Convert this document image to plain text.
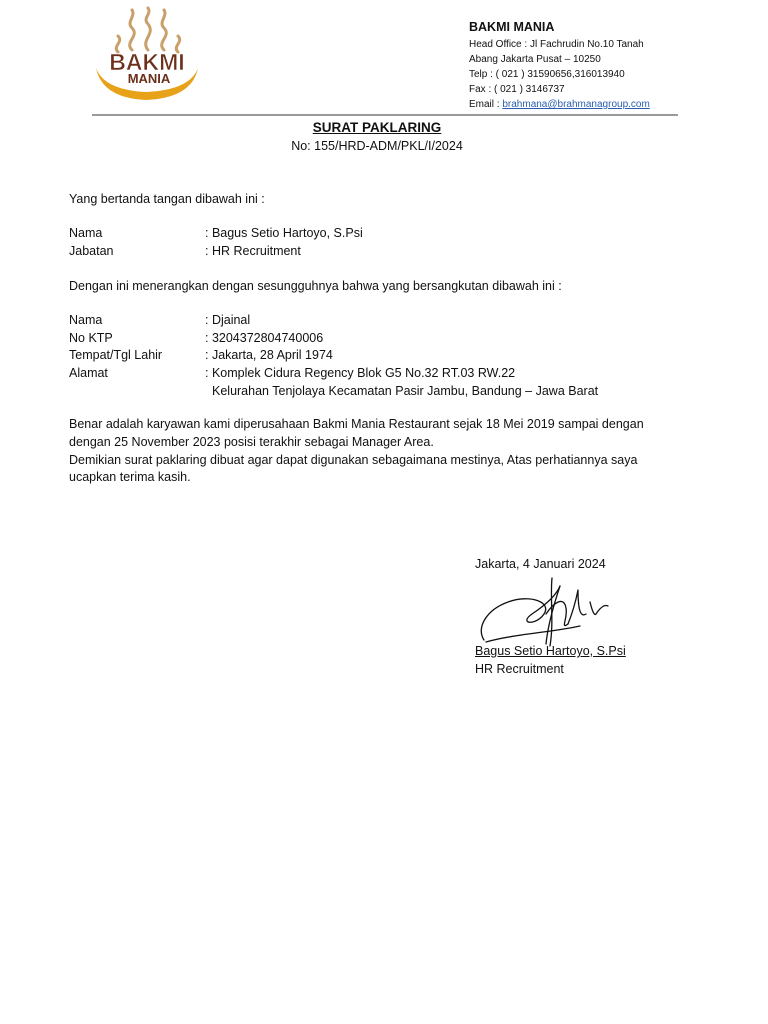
BAKMI
MANIA
BAKMI MANIA
Head Office : Jl Fachrudin No.10 Tanah
Abang Jakarta Pusat – 10250
Telp : ( 021 ) 31590656,316013940
Fax : ( 021 ) 3146737
Email : brahmana@brahmanagroup.com
SURAT PAKLARING
No: 155/HRD-ADM/PKL/I/2024
Yang bertanda tangan dibawah ini :
Nama	: Bagus Setio Hartoyo, S.Psi
Jabatan	: HR Recruitment
Dengan ini menerangkan dengan sesungguhnya bahwa yang bersangkutan dibawah ini :
Nama	: Djainal
No KTP	: 3204372804740006
Tempat/Tgl Lahir	: Jakarta, 28 April 1974
Alamat	: Komplek Cidura Regency Blok G5 No.32 RT.03 RW.22
Kelurahan Tenjolaya Kecamatan Pasir Jambu, Bandung – Jawa Barat
Benar adalah karyawan kami diperusahaan Bakmi Mania Restaurant sejak 18 Mei 2019 sampai dengan
dengan 25 November 2023 posisi terakhir sebagai Manager Area.
Demikian surat paklaring dibuat agar dapat digunakan sebagaimana mestinya, Atas perhatiannya saya
ucapkan terima kasih.
Jakarta, 4 Januari 2024
Bagus Setio Hartoyo, S.Psi
HR Recruitment
